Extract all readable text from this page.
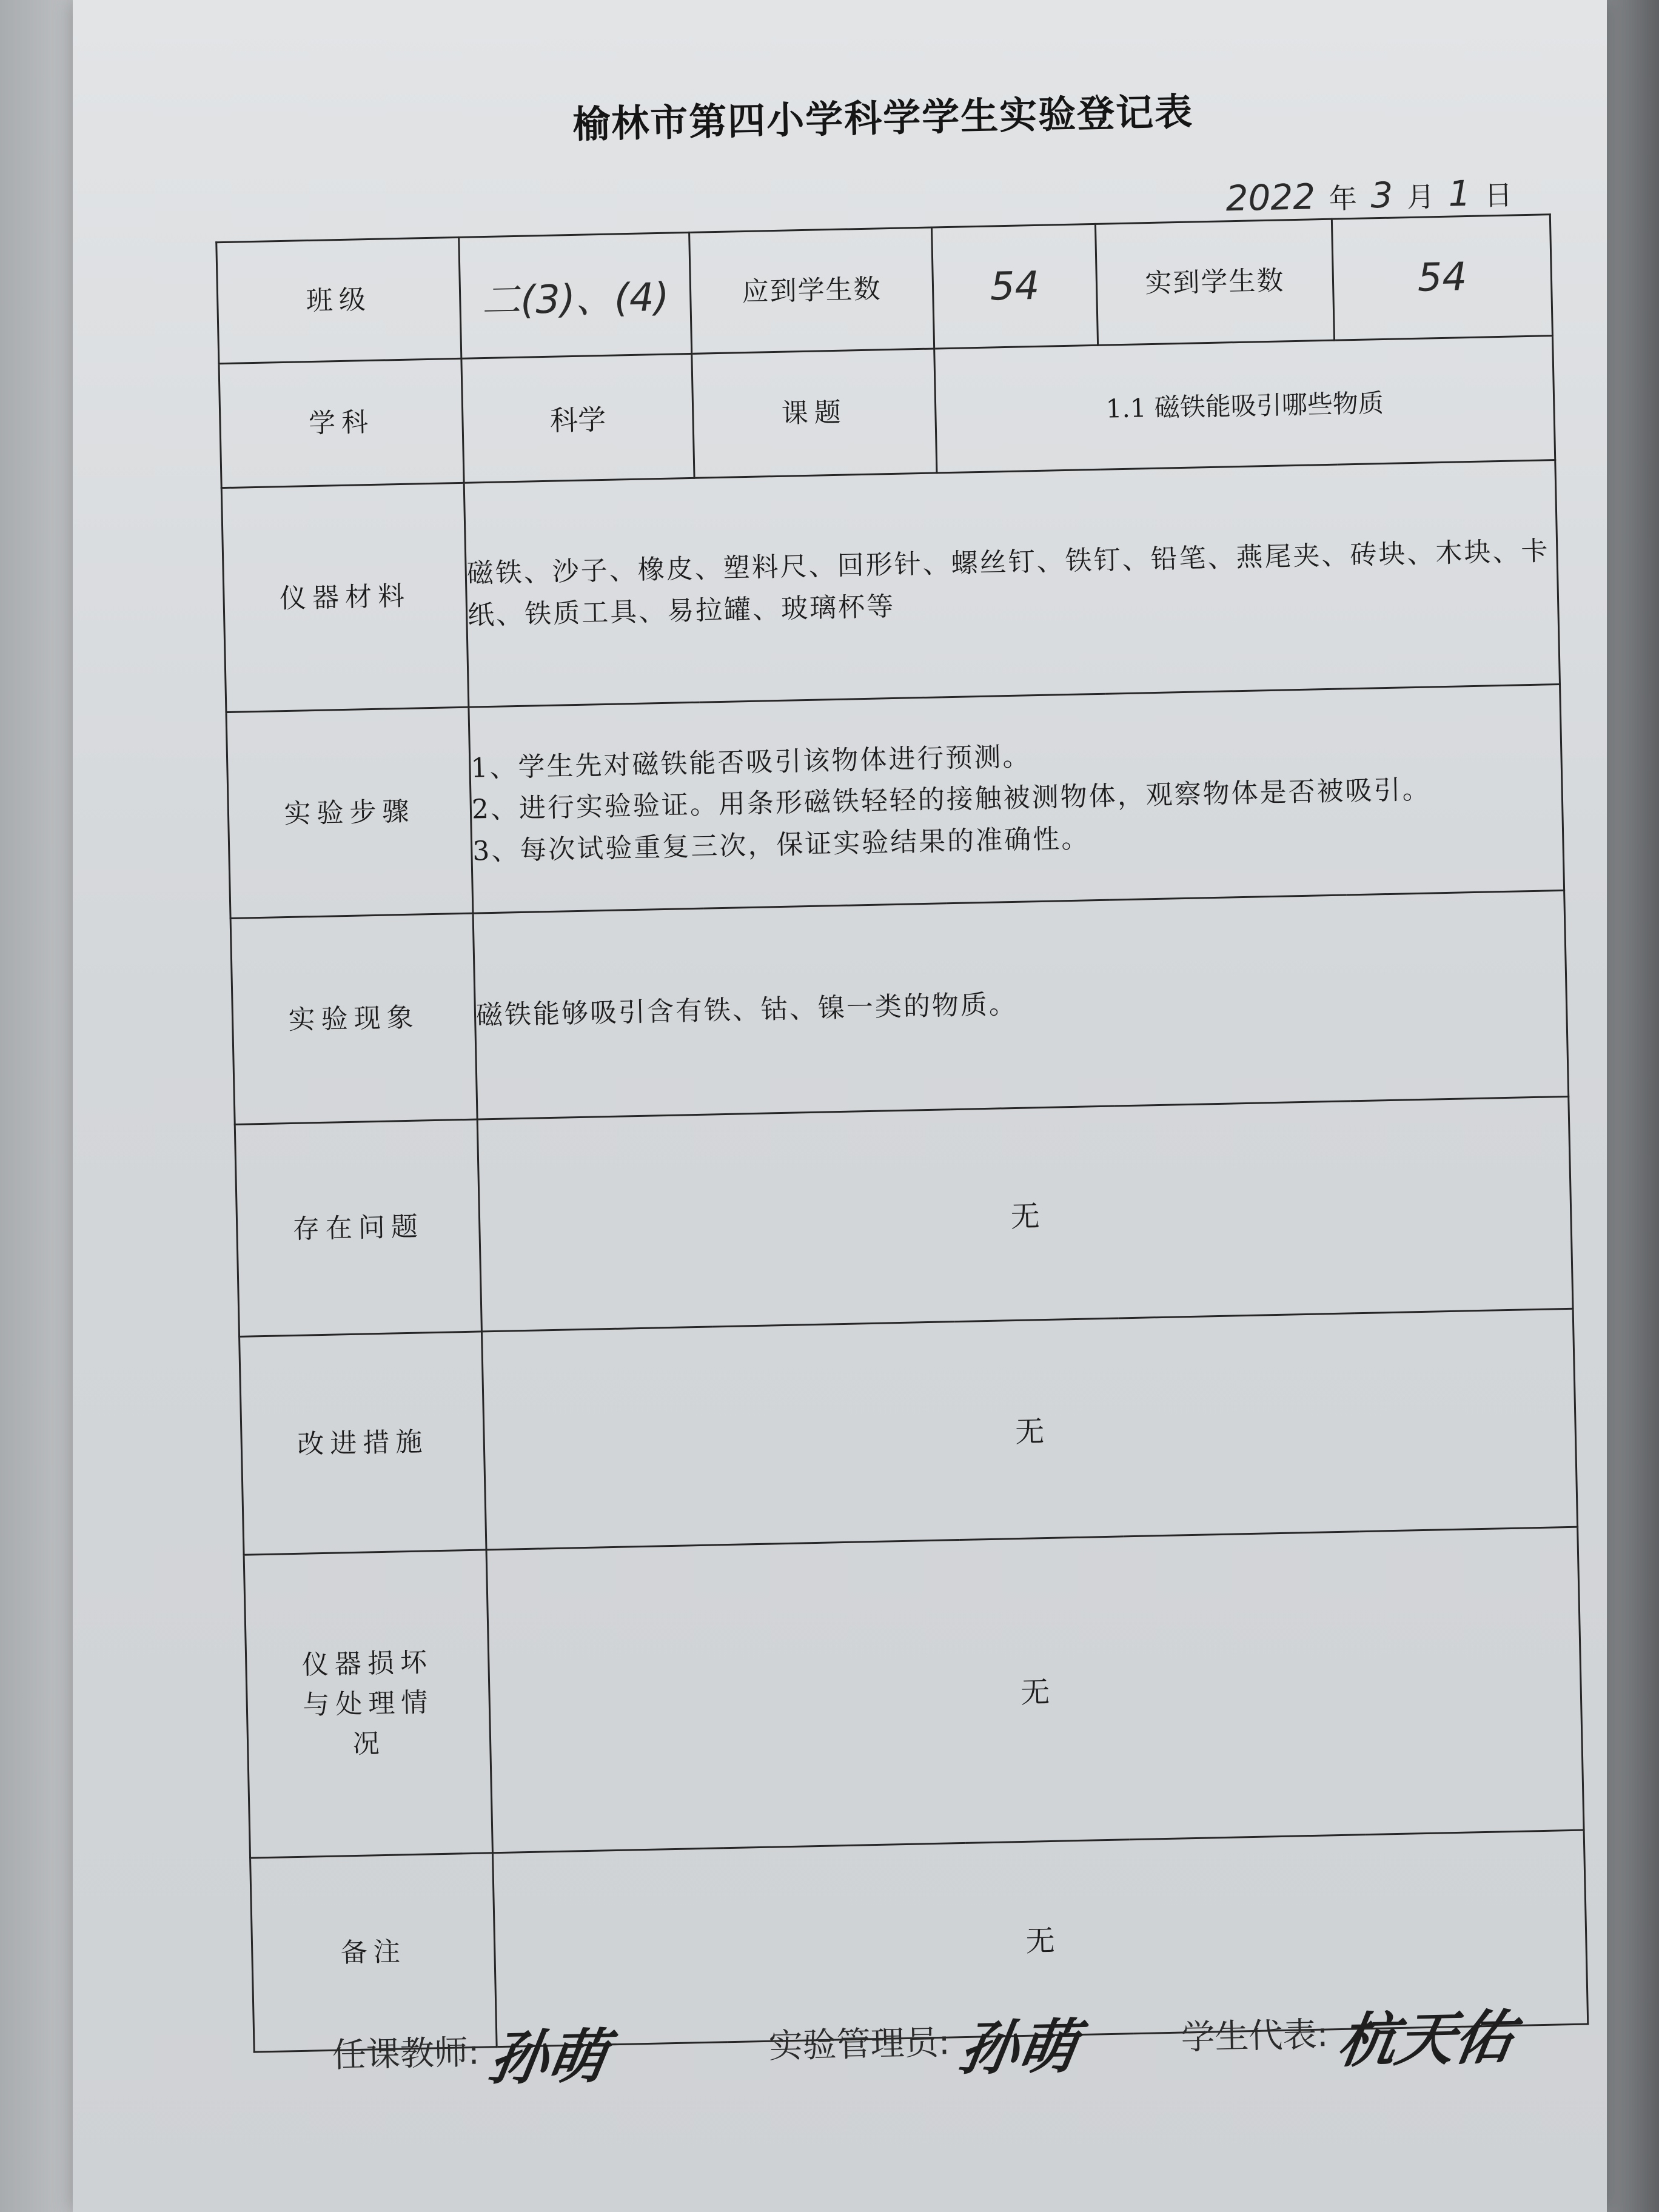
榆林市第四小学科学学生实验登记表
2022 年 3 月 1 日
班级	二(3)、(4)	应到学生数	54	实到学生数	54
学科	科学	课题	1.1 磁铁能吸引哪些物质		
仪器材料	磁铁、沙子、橡皮、塑料尺、回形针、螺丝钉、铁钉、铅笔、燕尾夹、砖块、木块、卡纸、铁质工具、易拉罐、玻璃杯等				
实验步骤	1、学生先对磁铁能否吸引该物体进行预测。
2、进行实验验证。用条形磁铁轻轻的接触被测物体，观察物体是否被吸引。
3、每次试验重复三次，保证实验结果的准确性。				

实验现象	磁铁能够吸引含有铁、钴、镍一类的物质。				
存在问题	无				
改进措施	无				
仪器损坏与处理情况	无				
备注	无				
任课教师: 孙萌	实验管理员: 孙萌	学生代表: 杭天佑
